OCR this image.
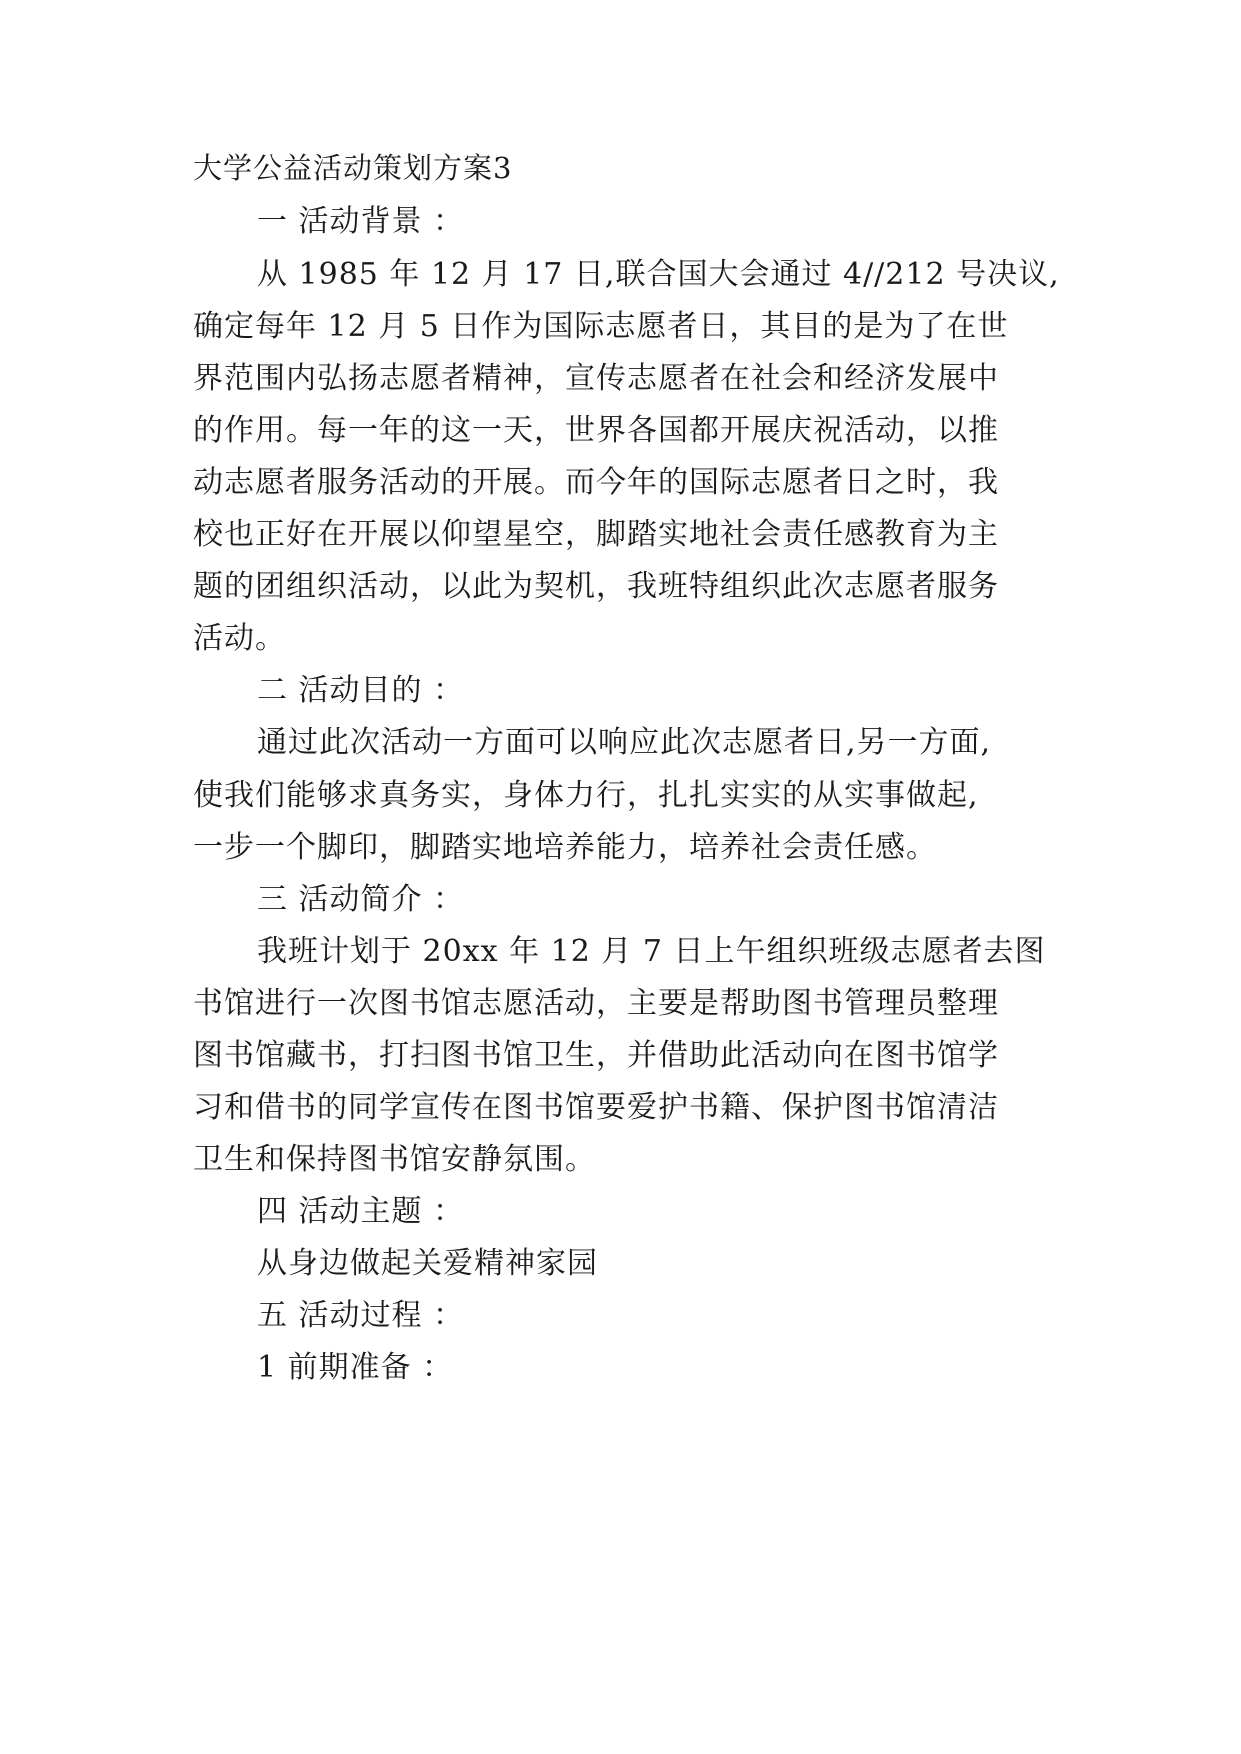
大学公益活动策划方案3

一 活动背景 ：

从 1985 年 12 月 17 日,联合国大会通过 4//212 号决议,

确定每年 12 月 5 日作为国际志愿者日，其目的是为了在世

界范围内弘扬志愿者精神，宣传志愿者在社会和经济发展中

的作用。每一年的这一天，世界各国都开展庆祝活动，以推

动志愿者服务活动的开展。而今年的国际志愿者日之时，我

校也正好在开展以仰望星空，脚踏实地社会责任感教育为主

题的团组织活动，以此为契机，我班特组织此次志愿者服务

活动。

二 活动目的 ：

通过此次活动一方面可以响应此次志愿者日,另一方面,

使我们能够求真务实，身体力行，扎扎实实的从实事做起,

一步一个脚印，脚踏实地培养能力，培养社会责任感。

三 活动简介 ：

我班计划于 20xx 年 12 月 7 日上午组织班级志愿者去图

书馆进行一次图书馆志愿活动，主要是帮助图书管理员整理

图书馆藏书，打扫图书馆卫生，并借助此活动向在图书馆学

习和借书的同学宣传在图书馆要爱护书籍、保护图书馆清洁

卫生和保持图书馆安静氛围。

四 活动主题 ：

从身边做起关爱精神家园

五 活动过程 ：

1 前期准备 ：
